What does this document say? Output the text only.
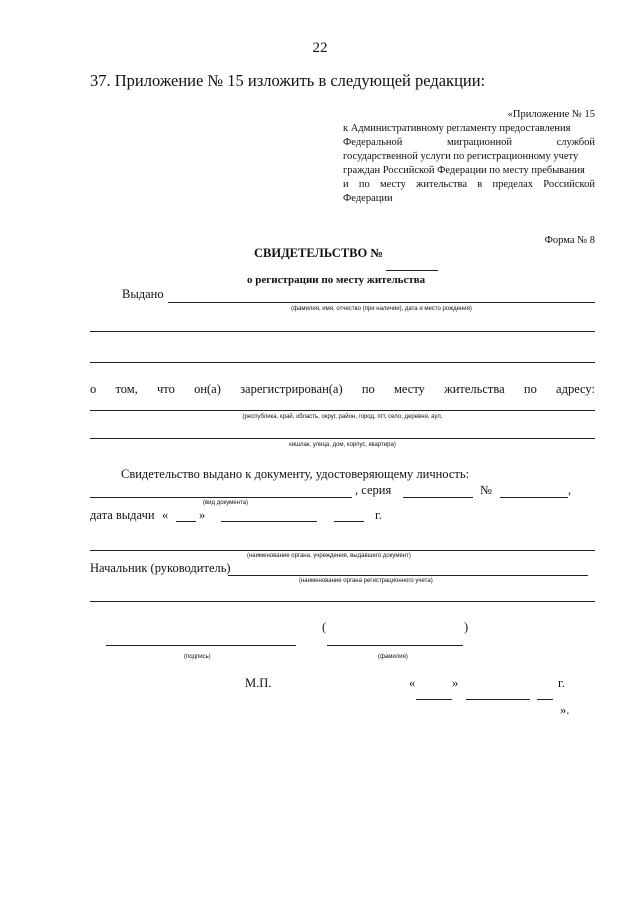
22
37. Приложение № 15 изложить в следующей редакции:
«Приложение № 15
к Административному регламенту предоставления
Федеральной миграционной службой
государственной услуги по регистрационному учету
граждан Российской Федерации по месту пребывания
и по месту жительства в пределах Российской
Федерации
Форма № 8
СВИДЕТЕЛЬСТВО №
о регистрации по месту жительства
Выдано
(фамилия, имя, отчество (при наличии), дата и место рождения)
о том, что он(а) зарегистрирован(а) по месту жительства по адресу:
(республика, край, область, округ, район, город, пгт, село, деревня, аул,
кишлак, улица, дом, корпус, квартира)
Свидетельство выдано к документу, удостоверяющему личность:
, серия	№	,
(вид документа)
дата выдачи « »	г.
(наименование органа, учреждения, выдавшего документ)
Начальник (руководитель)
(наименование органа регистрационного учета)
(	)
(подпись)	(фамилия)
М.П.	«	»	г.
».
